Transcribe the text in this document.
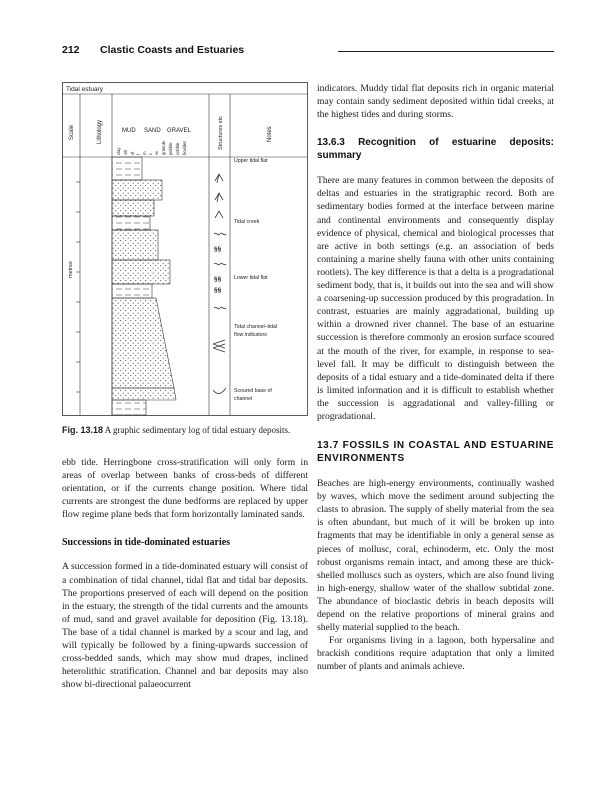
212 Clastic Coasts and Estuaries
Tidal estuary
Scale	Lithology	MUD SAND GRAVEL	Structures etc	Notes
clay silt vf f m c vc granule pebble cobble boulder
metres
§§
§§
§§
Upper tidal flat
Tidal creek
Lower tidal flat
Tidal channel–tidal
flow indicators
Scoured base of
channel
Fig. 13.18 A graphic sedimentary log of tidal estuary deposits.

ebb tide. Herringbone cross-stratification will only form in areas of overlap between banks of cross-beds of different orientation, or if the currents change position. Where tidal currents are strongest the dune bedforms are replaced by upper flow regime plane beds that form horizontally laminated sands.

Successions in tide-dominated estuaries

A succession formed in a tide-dominated estuary will consist of a combination of tidal channel, tidal flat and tidal bar deposits. The proportions preserved of each will depend on the position in the estuary, the strength of the tidal currents and the amounts of mud, sand and gravel available for deposition (Fig. 13.18). The base of a tidal channel is marked by a scour and lag, and will typically be followed by a fining-upwards succession of cross-bedded sands, which may show mud drapes, inclined heterolithic stratification. Channel and bar deposits may also show bi-directional palaeocurrent

indicators. Muddy tidal flat deposits rich in organic material may contain sandy sediment deposited within tidal creeks, at the highest tides and during storms.

13.6.3 Recognition of estuarine deposits: summary

There are many features in common between the deposits of deltas and estuaries in the stratigraphic record. Both are sedimentary bodies formed at the interface between marine and continental environments and consequently display evidence of physical, chemical and biological processes that are active in both settings (e.g. an association of beds containing a marine shelly fauna with other units containing rootlets). The key difference is that a delta is a progradational sediment body, that is, it builds out into the sea and will show a coarsening-up succession produced by this progradation. In contrast, estuaries are mainly aggradational, building up within a drowned river channel. The base of an estuarine succession is therefore commonly an erosion surface scoured at the mouth of the river, for example, in response to sea-level fall. It may be difficult to distinguish between the deposits of a tidal estuary and a tide-dominated delta if there is limited information and it is difficult to establish whether the succession is aggradational and valley-filling or progradational.

13.7 FOSSILS IN COASTAL AND ESTUARINE ENVIRONMENTS

Beaches are high-energy environments, continually washed by waves, which move the sediment around subjecting the clasts to abrasion. The supply of shelly material from the sea is often abundant, but much of it will be broken up into fragments that may be identifiable in only a general sense as pieces of mollusc, coral, echinoderm, etc. Only the most robust organisms remain intact, and among these are thick-shelled molluscs such as oysters, which are also found living in high-energy, shallow water of the shallow subtidal zone. The abundance of bioclastic debris in beach deposits will depend on the relative proportions of mineral grains and shelly material supplied to the beach.

For organisms living in a lagoon, both hypersaline and brackish conditions require adaptation that only a limited number of plants and animals achieve.
